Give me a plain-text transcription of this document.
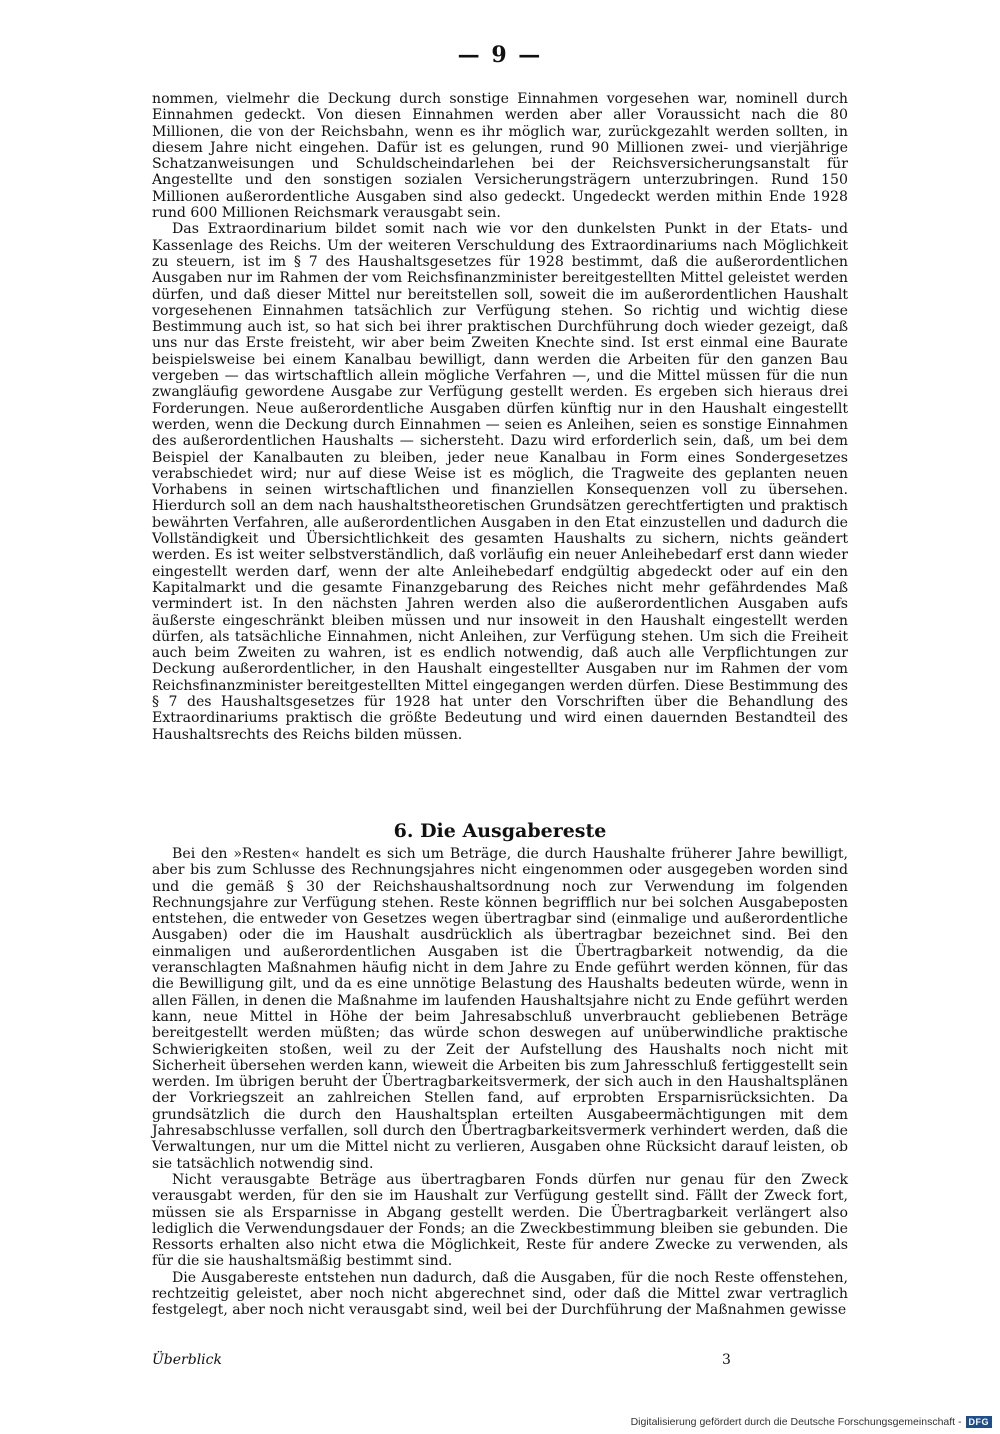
— 9 —

nommen, vielmehr die Deckung durch sonstige Einnahmen vorgesehen war, nominell durch Einnahmen gedeckt. Von diesen Einnahmen werden aber aller Voraussicht nach die 80 Millionen, die von der Reichsbahn, wenn es ihr möglich war, zurückgezahlt werden sollten, in diesem Jahre nicht eingehen. Dafür ist es gelungen, rund 90 Millionen zwei- und vierjährige Schatzanweisungen und Schuldscheindarlehen bei der Reichsversicherungsanstalt für Angestellte und den sonstigen sozialen Versicherungsträgern unterzubringen. Rund 150 Millionen außerordentliche Ausgaben sind also gedeckt. Ungedeckt werden mithin Ende 1928 rund 600 Millionen Reichsmark verausgabt sein.

Das Extraordinarium bildet somit nach wie vor den dunkelsten Punkt in der Etats- und Kassenlage des Reichs. Um der weiteren Verschuldung des Extraordinariums nach Möglichkeit zu steuern, ist im § 7 des Haushaltsgesetzes für 1928 bestimmt, daß die außerordentlichen Ausgaben nur im Rahmen der vom Reichsfinanzminister bereitgestellten Mittel geleistet werden dürfen, und daß dieser Mittel nur bereitstellen soll, soweit die im außerordentlichen Haushalt vorgesehenen Einnahmen tatsächlich zur Verfügung stehen. So richtig und wichtig diese Bestimmung auch ist, so hat sich bei ihrer praktischen Durchführung doch wieder gezeigt, daß uns nur das Erste freisteht, wir aber beim Zweiten Knechte sind. Ist erst einmal eine Baurate beispielsweise bei einem Kanalbau bewilligt, dann werden die Arbeiten für den ganzen Bau vergeben — das wirtschaftlich allein mögliche Verfahren —, und die Mittel müssen für die nun zwangläufig gewordene Ausgabe zur Verfügung gestellt werden. Es ergeben sich hieraus drei Forderungen. Neue außerordentliche Ausgaben dürfen künftig nur in den Haushalt eingestellt werden, wenn die Deckung durch Einnahmen — seien es Anleihen, seien es sonstige Einnahmen des außerordentlichen Haushalts — sichersteht. Dazu wird erforderlich sein, daß, um bei dem Beispiel der Kanalbauten zu bleiben, jeder neue Kanalbau in Form eines Sondergesetzes verabschiedet wird; nur auf diese Weise ist es möglich, die Tragweite des geplanten neuen Vorhabens in seinen wirtschaftlichen und finanziellen Konsequenzen voll zu übersehen. Hierdurch soll an dem nach haushaltstheoretischen Grundsätzen gerechtfertigten und praktisch bewährten Verfahren, alle außerordentlichen Ausgaben in den Etat einzustellen und dadurch die Vollständigkeit und Übersichtlichkeit des gesamten Haushalts zu sichern, nichts geändert werden. Es ist weiter selbstverständlich, daß vorläufig ein neuer Anleihebedarf erst dann wieder eingestellt werden darf, wenn der alte Anleihebedarf endgültig abgedeckt oder auf ein den Kapitalmarkt und die gesamte Finanzgebarung des Reiches nicht mehr gefährdendes Maß vermindert ist. In den nächsten Jahren werden also die außerordentlichen Ausgaben aufs äußerste eingeschränkt bleiben müssen und nur insoweit in den Haushalt eingestellt werden dürfen, als tatsächliche Einnahmen, nicht Anleihen, zur Verfügung stehen. Um sich die Freiheit auch beim Zweiten zu wahren, ist es endlich notwendig, daß auch alle Verpflichtungen zur Deckung außerordentlicher, in den Haushalt eingestellter Ausgaben nur im Rahmen der vom Reichsfinanzminister bereitgestellten Mittel eingegangen werden dürfen. Diese Bestimmung des § 7 des Haushaltsgesetzes für 1928 hat unter den Vorschriften über die Behandlung des Extraordinariums praktisch die größte Bedeutung und wird einen dauernden Bestandteil des Haushaltsrechts des Reichs bilden müssen.

6. Die Ausgabereste

Bei den »Resten« handelt es sich um Beträge, die durch Haushalte früherer Jahre bewilligt, aber bis zum Schlusse des Rechnungsjahres nicht eingenommen oder ausgegeben worden sind und die gemäß § 30 der Reichshaushaltsordnung noch zur Verwendung im folgenden Rechnungsjahre zur Verfügung stehen. Reste können begrifflich nur bei solchen Ausgabeposten entstehen, die entweder von Gesetzes wegen übertragbar sind (einmalige und außerordentliche Ausgaben) oder die im Haushalt ausdrücklich als übertragbar bezeichnet sind. Bei den einmaligen und außerordentlichen Ausgaben ist die Übertragbarkeit notwendig, da die veranschlagten Maßnahmen häufig nicht in dem Jahre zu Ende geführt werden können, für das die Bewilligung gilt, und da es eine unnötige Belastung des Haushalts bedeuten würde, wenn in allen Fällen, in denen die Maßnahme im laufenden Haushaltsjahre nicht zu Ende geführt werden kann, neue Mittel in Höhe der beim Jahresabschluß unverbraucht gebliebenen Beträge bereitgestellt werden müßten; das würde schon deswegen auf unüberwindliche praktische Schwierigkeiten stoßen, weil zu der Zeit der Aufstellung des Haushalts noch nicht mit Sicherheit übersehen werden kann, wieweit die Arbeiten bis zum Jahresschluß fertiggestellt sein werden. Im übrigen beruht der Übertragbarkeitsvermerk, der sich auch in den Haushaltsplänen der Vorkriegszeit an zahlreichen Stellen fand, auf erprobten Ersparnisrücksichten. Da grundsätzlich die durch den Haushaltsplan erteilten Ausgabeermächtigungen mit dem Jahresabschlusse verfallen, soll durch den Übertragbarkeitsvermerk verhindert werden, daß die Verwaltungen, nur um die Mittel nicht zu verlieren, Ausgaben ohne Rücksicht darauf leisten, ob sie tatsächlich notwendig sind.

Nicht verausgabte Beträge aus übertragbaren Fonds dürfen nur genau für den Zweck verausgabt werden, für den sie im Haushalt zur Verfügung gestellt sind. Fällt der Zweck fort, müssen sie als Ersparnisse in Abgang gestellt werden. Die Übertragbarkeit verlängert also lediglich die Verwendungsdauer der Fonds; an die Zweckbestimmung bleiben sie gebunden. Die Ressorts erhalten also nicht etwa die Möglichkeit, Reste für andere Zwecke zu verwenden, als für die sie haushaltsmäßig bestimmt sind.

Die Ausgabereste entstehen nun dadurch, daß die Ausgaben, für die noch Reste offenstehen, rechtzeitig geleistet, aber noch nicht abgerechnet sind, oder daß die Mittel zwar vertraglich festgelegt, aber noch nicht verausgabt sind, weil bei der Durchführung der Maßnahmen gewisse

Überblick	3
Digitalisierung gefördert durch die Deutsche Forschungsgemeinschaft - DFG
